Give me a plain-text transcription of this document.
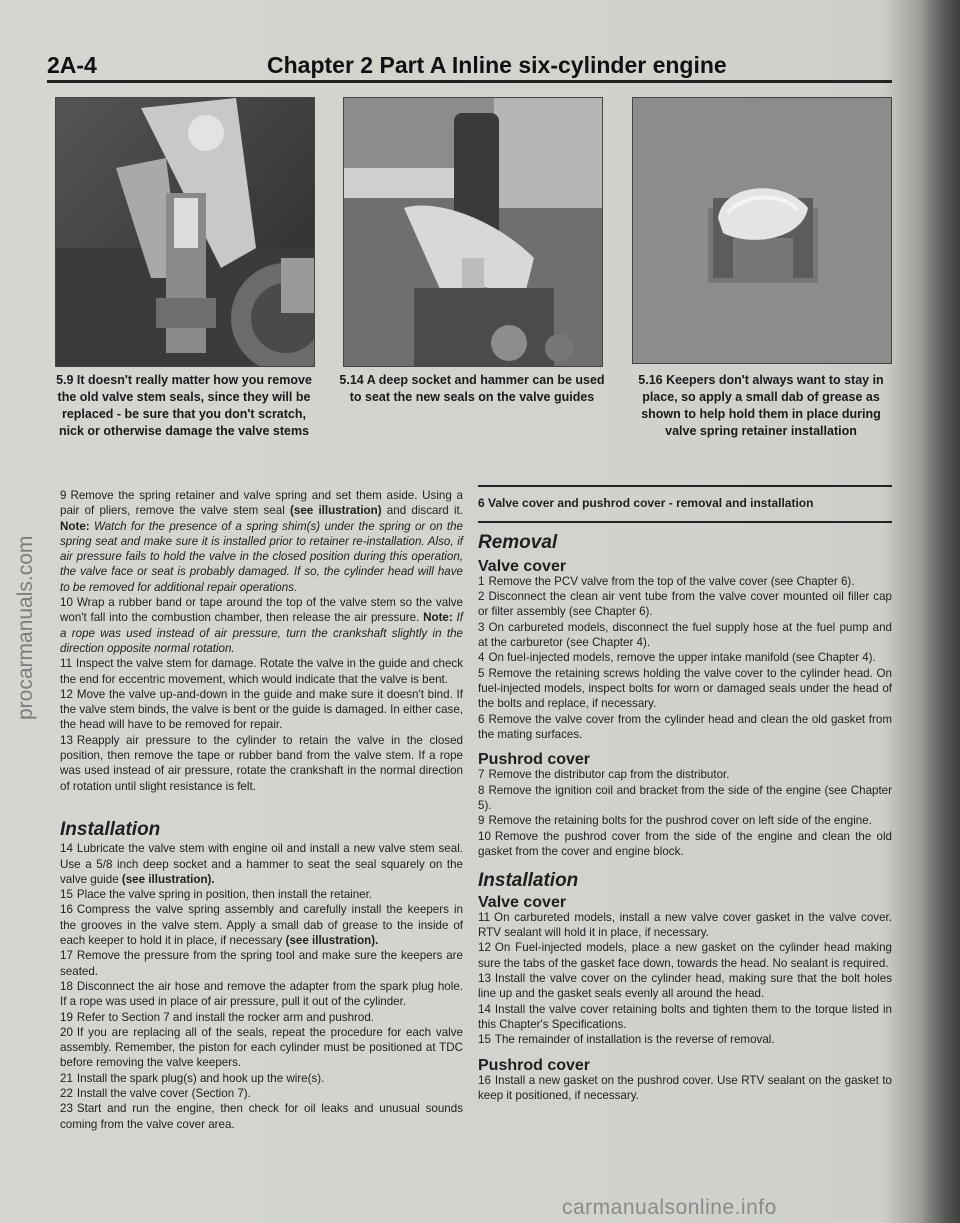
2A-4	Chapter 2 Part A Inline six-cylinder engine
5.9 It doesn't really matter how you remove the old valve stem seals, since they will be replaced - be sure that you don't scratch, nick or otherwise damage the valve stems
5.14 A deep socket and hammer can be used to seat the new seals on the valve guides
5.16 Keepers don't always want to stay in place, so apply a small dab of grease as shown to help hold them in place during valve spring retainer installation

9 Remove the spring retainer and valve spring and set them aside. Using a pair of pliers, remove the valve stem seal (see illustration) and discard it. Note: Watch for the presence of a spring shim(s) under the spring or on the spring seat and make sure it is installed prior to retainer re-installation. Also, if air pressure fails to hold the valve in the closed position during this operation, the valve face or seat is probably damaged. If so, the cylinder head will have to be removed for additional repair operations.

10 Wrap a rubber band or tape around the top of the valve stem so the valve won't fall into the combustion chamber, then release the air pressure. Note: If a rope was used instead of air pressure, turn the crankshaft slightly in the direction opposite normal rotation.

11 Inspect the valve stem for damage. Rotate the valve in the guide and check the end for eccentric movement, which would indicate that the valve is bent.

12 Move the valve up-and-down in the guide and make sure it doesn't bind. If the valve stem binds, the valve is bent or the guide is damaged. In either case, the head will have to be removed for repair.

13 Reapply air pressure to the cylinder to retain the valve in the closed position, then remove the tape or rubber band from the valve stem. If a rope was used instead of air pressure, rotate the crankshaft in the normal direction of rotation until slight resistance is felt.

Installation

14 Lubricate the valve stem with engine oil and install a new valve stem seal. Use a 5/8 inch deep socket and a hammer to seat the seal squarely on the valve guide (see illustration).

15 Place the valve spring in position, then install the retainer.

16 Compress the valve spring assembly and carefully install the keepers in the grooves in the valve stem. Apply a small dab of grease to the inside of each keeper to hold it in place, if necessary (see illustration).

17 Remove the pressure from the spring tool and make sure the keepers are seated.

18 Disconnect the air hose and remove the adapter from the spark plug hole. If a rope was used in place of air pressure, pull it out of the cylinder.

19 Refer to Section 7 and install the rocker arm and pushrod.

20 If you are replacing all of the seals, repeat the procedure for each valve assembly. Remember, the piston for each cylinder must be positioned at TDC before removing the valve keepers.

21 Install the spark plug(s) and hook up the wire(s).

22 Install the valve cover (Section 7).

23 Start and run the engine, then check for oil leaks and unusual sounds coming from the valve cover area.

6 Valve cover and pushrod cover - removal and installation
Removal
Valve cover

1 Remove the PCV valve from the top of the valve cover (see Chapter 6).

2 Disconnect the clean air vent tube from the valve cover mounted oil filler cap or filter assembly (see Chapter 6).

3 On carbureted models, disconnect the fuel supply hose at the fuel pump and at the carburetor (see Chapter 4).

4 On fuel-injected models, remove the upper intake manifold (see Chapter 4).

5 Remove the retaining screws holding the valve cover to the cylinder head. On fuel-injected models, inspect bolts for worn or damaged seals under the head of the bolts and replace, if necessary.

6 Remove the valve cover from the cylinder head and clean the old gasket from the mating surfaces.

Pushrod cover

7 Remove the distributor cap from the distributor.

8 Remove the ignition coil and bracket from the side of the engine (see Chapter 5).

9 Remove the retaining bolts for the pushrod cover on left side of the engine.

10 Remove the pushrod cover from the side of the engine and clean the old gasket from the cover and engine block.

Installation
Valve cover

11 On carbureted models, install a new valve cover gasket in the valve cover. RTV sealant will hold it in place, if necessary.

12 On Fuel-injected models, place a new gasket on the cylinder head making sure the tabs of the gasket face down, towards the head. No sealant is required.

13 Install the valve cover on the cylinder head, making sure that the bolt holes line up and the gasket seals evenly all around the head.

14 Install the valve cover retaining bolts and tighten them to the torque listed in this Chapter's Specifications.

15 The remainder of installation is the reverse of removal.

Pushrod cover

16 Install a new gasket on the pushrod cover. Use RTV sealant on the gasket to keep it positioned, if necessary.

procarmanuals.com
carmanualsonline.info
